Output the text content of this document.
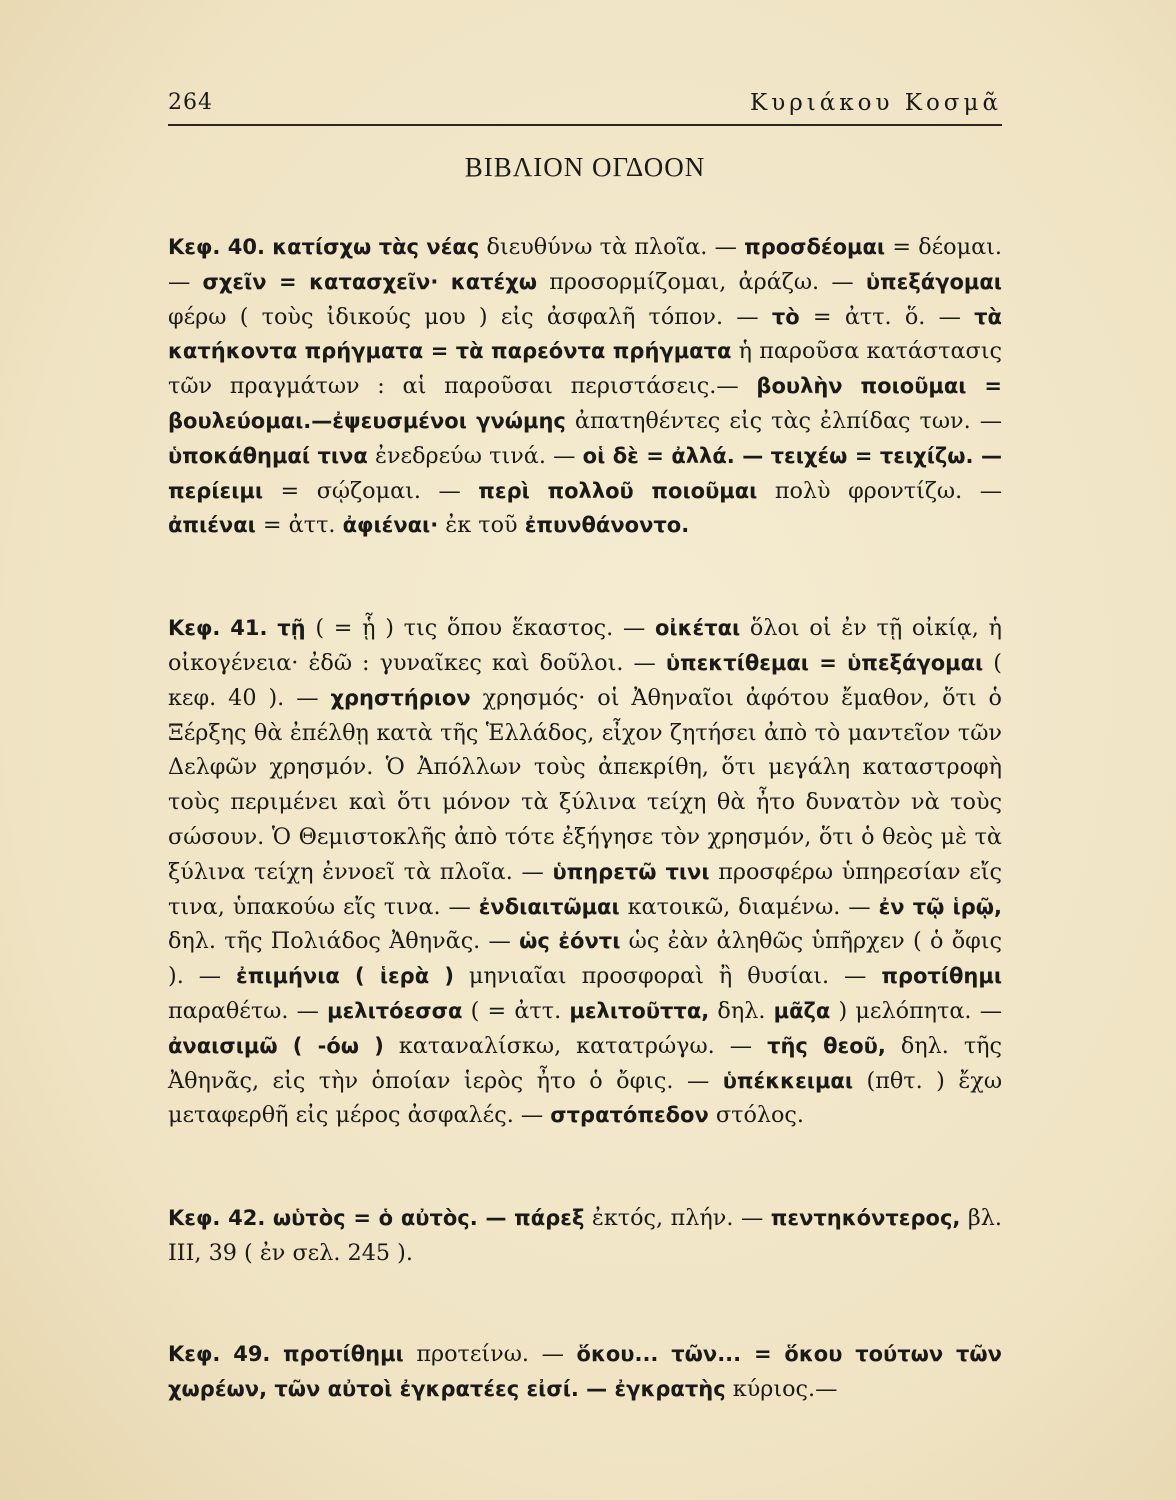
264	Κυριάκου Κοσμᾶ
ΒΙΒΛΙΟΝ ΟΓΔΟΟΝ

Κεφ. 40. κατίσχω τὰς νέας διευθύνω τὰ πλοῖα. — προσδέομαι = δέομαι. — σχεῖν = κατασχεῖν· κατέχω προσορμίζομαι, ἀράζω. — ὑπεξάγομαι φέρω ( τοὺς ἰδικούς μου ) εἰς ἀσφαλῆ τόπον. — τὸ = ἀττ. ὅ. — τὰ κατήκοντα πρήγματα = τὰ παρεόντα πρήγματα ἡ παροῦσα κατάστασις τῶν πραγμάτων : αἱ παροῦσαι περιστάσεις.— βουλὴν ποιοῦμαι = βουλεύομαι.—ἐψευσμένοι γνώμης ἀπατηθέντες εἰς τὰς ἐλπίδας των. — ὑποκάθημαί τινα ἐνεδρεύω τινά. — οἱ δὲ = ἀλλά. — τειχέω = τειχίζω. — περίειμι = σῴζομαι. — περὶ πολλοῦ ποιοῦμαι πολὺ φροντίζω. — ἀπιέναι = ἀττ. ἀφιέναι· ἐκ τοῦ ἐπυνθάνοντο.

Κεφ. 41. τῇ ( = ᾗ ) τις ὅπου ἕκαστος. — οἰκέται ὅλοι οἱ ἐν τῇ οἰκίᾳ, ἡ οἰκογένεια· ἐδῶ : γυναῖκες καὶ δοῦλοι. — ὑπεκτίθεμαι = ὑπεξάγομαι ( κεφ. 40 ). — χρηστήριον χρησμός· οἱ Ἀθηναῖοι ἀφότου ἔμαθον, ὅτι ὁ Ξέρξης θὰ ἐπέλθῃ κατὰ τῆς Ἑλλάδος, εἶχον ζητήσει ἀπὸ τὸ μαντεῖον τῶν Δελφῶν χρησμόν. Ὁ Ἀπόλλων τοὺς ἀπεκρίθη, ὅτι μεγάλη καταστροφὴ τοὺς περιμένει καὶ ὅτι μόνον τὰ ξύλινα τείχη θὰ ἦτο δυνατὸν νὰ τοὺς σώσουν. Ὁ Θεμιστοκλῆς ἀπὸ τότε ἐξήγησε τὸν χρησμόν, ὅτι ὁ θεὸς μὲ τὰ ξύλινα τείχη ἐννοεῖ τὰ πλοῖα. — ὑπηρετῶ τινι προσφέρω ὑπηρεσίαν εἴς τινα, ὑπακούω εἴς τινα. — ἐνδιαιτῶμαι κατοικῶ, διαμένω. — ἐν τῷ ἱρῷ, δηλ. τῆς Πολιάδος Ἀθηνᾶς. — ὡς ἐόντι ὡς ἐὰν ἀληθῶς ὑπῆρχεν ( ὁ ὄφις ). — ἐπιμήνια ( ἱερὰ ) μηνιαῖαι προσφοραὶ ἢ θυσίαι. — προτίθημι παραθέτω. — μελιτόεσσα ( = ἀττ. μελιτοῦττα, δηλ. μᾶζα ) μελόπητα. — ἀναισιμῶ ( -όω ) καταναλίσκω, κατατρώγω. — τῆς θεοῦ, δηλ. τῆς Ἀθηνᾶς, εἰς τὴν ὁποίαν ἱερὸς ἦτο ὁ ὄφις. — ὑπέκκειμαι (πθτ. ) ἔχω μεταφερθῆ εἰς μέρος ἀσφαλές. — στρατόπεδον στόλος.

Κεφ. 42. ωὑτὸς = ὁ αὐτὸς. — πάρεξ ἐκτός, πλήν. — πεντηκόντερος, βλ. III, 39 ( ἐν σελ. 245 ).

Κεφ. 49. προτίθημι προτείνω. — ὅκου... τῶν... = ὅκου τούτων τῶν χωρέων, τῶν αὐτοὶ ἐγκρατέες εἰσί. — ἐγκρατὴς κύριος.—
